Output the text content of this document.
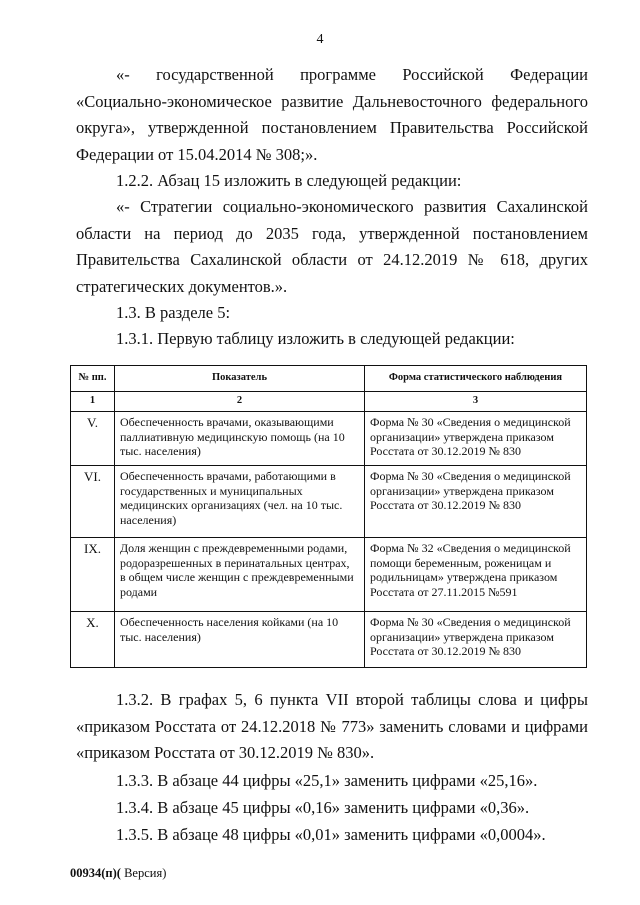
4

«- государственной программе Российской Федерации «Социально-экономическое развитие Дальневосточного федерального округа», утвержденной постановлением Правительства Российской Федерации от 15.04.2014 № 308;».

1.2.2. Абзац 15 изложить в следующей редакции:

«- Стратегии социально-экономического развития Сахалинской области на период до 2035 года, утвержденной постановлением Правительства Сахалинской области от 24.12.2019 № 618, других стратегических документов.».

1.3. В разделе 5:

1.3.1. Первую таблицу изложить в следующей редакции:

№ пп.	Показатель	Форма статистического наблюдения
1	2	3
V.	Обеспеченность врачами, оказывающими паллиативную медицинскую помощь (на 10 тыс. населения)	Форма № 30 «Сведения о медицинской организации» утверждена приказом Росстата от 30.12.2019 № 830
VI.	Обеспеченность врачами, работающими в государственных и муниципальных медицинских организациях (чел. на 10 тыс. населения)	Форма № 30 «Сведения о медицинской организации» утверждена приказом Росстата от 30.12.2019 № 830
IX.	Доля женщин с преждевременными родами, родоразрешенных в перинатальных центрах, в общем числе женщин с преждевременными родами	Форма № 32 «Сведения о медицинской помощи беременным, роженицам и родильницам» утверждена приказом Росстата от 27.11.2015 №591
X.	Обеспеченность населения койками (на 10 тыс. населения)	Форма № 30 «Сведения о медицинской организации» утверждена приказом Росстата от 30.12.2019 № 830

1.3.2. В графах 5, 6 пункта VII второй таблицы слова и цифры «приказом Росстата от 24.12.2018 № 773» заменить словами и цифрами «приказом Росстата от 30.12.2019 № 830».

1.3.3. В абзаце 44 цифры «25,1» заменить цифрами «25,16».

1.3.4. В абзаце 45 цифры «0,16» заменить цифрами «0,36».

1.3.5. В абзаце 48 цифры «0,01» заменить цифрами «0,0004».

00934(п)( Версия)
